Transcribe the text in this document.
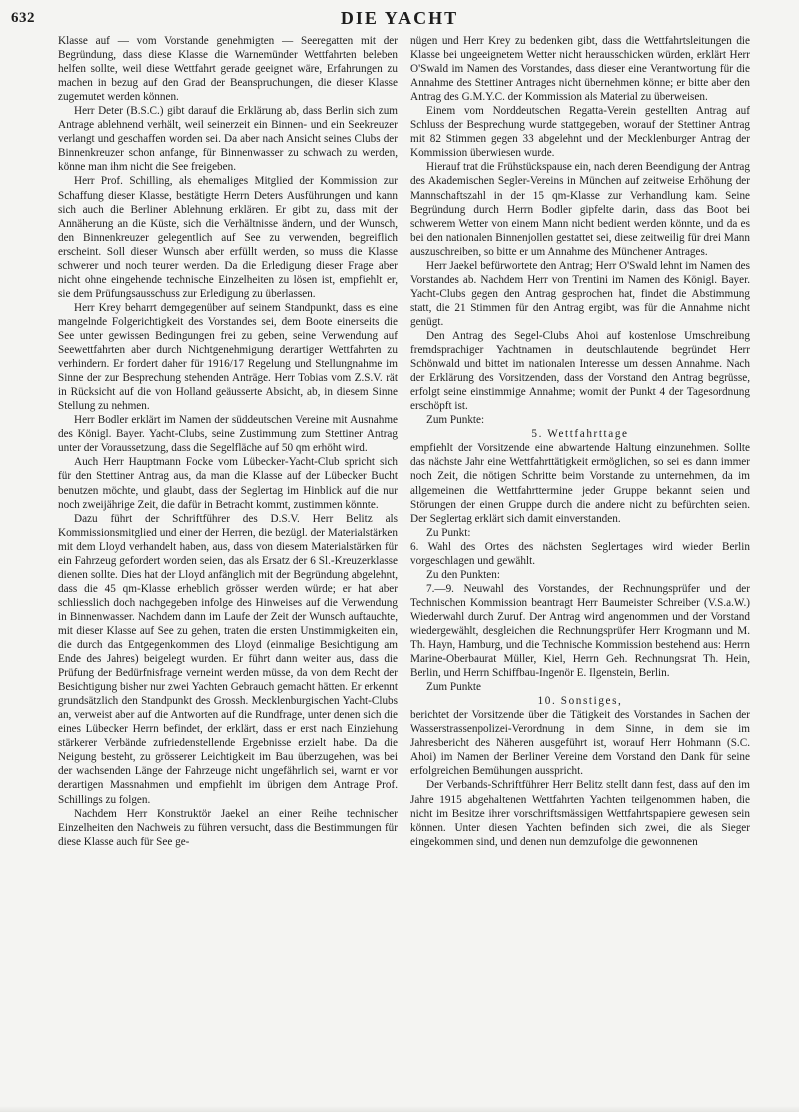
632	DIE YACHT

Klasse auf — vom Vorstande genehmigten — Seeregatten mit der Begründung, dass diese Klasse die Warnemünder Wettfahrten beleben helfen sollte, weil diese Wettfahrt gerade geeignet wäre, Erfahrungen zu machen in bezug auf den Grad der Beanspruchungen, die dieser Klasse zugemutet werden können.

Herr Deter (B.S.C.) gibt darauf die Erklärung ab, dass Berlin sich zum Antrage ablehnend verhält, weil seinerzeit ein Binnen- und ein Seekreuzer verlangt und geschaffen worden sei. Da aber nach Ansicht seines Clubs der Binnenkreuzer schon anfange, für Binnenwasser zu schwach zu werden, könne man ihm nicht die See freigeben.

Herr Prof. Schilling, als ehemaliges Mitglied der Kommission zur Schaffung dieser Klasse, bestätigte Herrn Deters Ausführungen und kann sich auch die Berliner Ablehnung erklären. Er gibt zu, dass mit der Annäherung an die Küste, sich die Verhältnisse ändern, und der Wunsch, den Binnenkreuzer gelegentlich auf See zu verwenden, begreiflich erscheint. Soll dieser Wunsch aber erfüllt werden, so muss die Klasse schwerer und noch teurer werden. Da die Erledigung dieser Frage aber nicht ohne eingehende technische Einzelheiten zu lösen ist, empfiehlt er, sie dem Prüfungsausschuss zur Erledigung zu überlassen.

Herr Krey beharrt demgegenüber auf seinem Standpunkt, dass es eine mangelnde Folgerichtigkeit des Vorstandes sei, dem Boote einerseits die See unter gewissen Bedingungen frei zu geben, seine Verwendung auf Seewettfahrten aber durch Nichtgenehmigung derartiger Wettfahrten zu verhindern. Er fordert daher für 1916/17 Regelung und Stellungnahme im Sinne der zur Besprechung stehenden Anträge. Herr Tobias vom Z.S.V. rät in Rücksicht auf die von Holland geäusserte Absicht, ab, in diesem Sinne Stellung zu nehmen.

Herr Bodler erklärt im Namen der süddeutschen Vereine mit Ausnahme des Königl. Bayer. Yacht-Clubs, seine Zustimmung zum Stettiner Antrag unter der Voraussetzung, dass die Segelfläche auf 50 qm erhöht wird.

Auch Herr Hauptmann Focke vom Lübecker-Yacht-Club spricht sich für den Stettiner Antrag aus, da man die Klasse auf der Lübecker Bucht benutzen möchte, und glaubt, dass der Seglertag im Hinblick auf die nur noch zweijährige Zeit, die dafür in Betracht kommt, zustimmen könnte.

Dazu führt der Schriftführer des D.S.V. Herr Belitz als Kommissionsmitglied und einer der Herren, die bezügl. der Materialstärken mit dem Lloyd verhandelt haben, aus, dass von diesem Materialstärken für ein Fahrzeug gefordert worden seien, das als Ersatz der 6 Sl.-Kreuzerklasse dienen sollte. Dies hat der Lloyd anfänglich mit der Begründung abgelehnt, dass die 45 qm-Klasse erheblich grösser werden würde; er hat aber schliesslich doch nachgegeben infolge des Hinweises auf die Verwendung in Binnenwasser. Nachdem dann im Laufe der Zeit der Wunsch auftauchte, mit dieser Klasse auf See zu gehen, traten die ersten Unstimmigkeiten ein, die durch das Entgegenkommen des Lloyd (einmalige Besichtigung am Ende des Jahres) beigelegt wurden. Er führt dann weiter aus, dass die Prüfung der Bedürfnisfrage verneint werden müsse, da von dem Recht der Besichtigung bisher nur zwei Yachten Gebrauch gemacht hätten. Er erkennt grundsätzlich den Standpunkt des Grossh. Mecklenburgischen Yacht-Clubs an, verweist aber auf die Antworten auf die Rundfrage, unter denen sich die eines Lübecker Herrn befindet, der erklärt, dass er erst nach Einziehung stärkerer Verbände zufriedenstellende Ergebnisse erzielt habe. Da die Neigung besteht, zu grösserer Leichtigkeit im Bau überzugehen, was bei der wachsenden Länge der Fahrzeuge nicht ungefährlich sei, warnt er vor derartigen Massnahmen und empfiehlt im übrigen dem Antrage Prof. Schillings zu folgen.

Nachdem Herr Konstruktör Jaekel an einer Reihe technischer Einzelheiten den Nachweis zu führen versucht, dass die Bestimmungen für diese Klasse auch für See ge-

nügen und Herr Krey zu bedenken gibt, dass die Wettfahrtsleitungen die Klasse bei ungeeignetem Wetter nicht herausschicken würden, erklärt Herr O'Swald im Namen des Vorstandes, dass dieser eine Verantwortung für die Annahme des Stettiner Antrages nicht übernehmen könne; er bitte aber den Antrag des G.M.Y.C. der Kommission als Material zu überweisen.

Einem vom Norddeutschen Regatta-Verein gestellten Antrag auf Schluss der Besprechung wurde stattgegeben, worauf der Stettiner Antrag mit 82 Stimmen gegen 33 abgelehnt und der Mecklenburger Antrag der Kommission überwiesen wurde.

Hierauf trat die Frühstückspause ein, nach deren Beendigung der Antrag des Akademischen Segler-Vereins in München auf zeitweise Erhöhung der Mannschaftszahl in der 15 qm-Klasse zur Verhandlung kam. Seine Begründung durch Herrn Bodler gipfelte darin, dass das Boot bei schwerem Wetter von einem Mann nicht bedient werden könnte, und da es bei den nationalen Binnenjollen gestattet sei, diese zeitweilig für drei Mann auszuschreiben, so bitte er um Annahme des Münchener Antrages.

Herr Jaekel befürwortete den Antrag; Herr O'Swald lehnt im Namen des Vorstandes ab. Nachdem Herr von Trentini im Namen des Königl. Bayer. Yacht-Clubs gegen den Antrag gesprochen hat, findet die Abstimmung statt, die 21 Stimmen für den Antrag ergibt, was für die Annahme nicht genügt.

Den Antrag des Segel-Clubs Ahoi auf kostenlose Umschreibung fremdsprachiger Yachtnamen in deutschlautende begründet Herr Schönwald und bittet im nationalen Interesse um dessen Annahme. Nach der Erklärung des Vorsitzenden, dass der Vorstand den Antrag begrüsse, erfolgt seine einstimmige Annahme; womit der Punkt 4 der Tagesordnung erschöpft ist.

Zum Punkte:

5. Wettfahrttage

empfiehlt der Vorsitzende eine abwartende Haltung einzunehmen. Sollte das nächste Jahr eine Wettfahrttätigkeit ermöglichen, so sei es dann immer noch Zeit, die nötigen Schritte beim Vorstande zu unternehmen, da im allgemeinen die Wettfahrttermine jeder Gruppe bekannt seien und Störungen der einen Gruppe durch die andere nicht zu befürchten seien. Der Seglertag erklärt sich damit einverstanden.

Zu Punkt:

6. Wahl des Ortes des nächsten Seglertages wird wieder Berlin vorgeschlagen und gewählt.

Zu den Punkten:

7.—9. Neuwahl des Vorstandes, der Rechnungsprüfer und der Technischen Kommission beantragt Herr Baumeister Schreiber (V.S.a.W.) Wiederwahl durch Zuruf. Der Antrag wird angenommen und der Vorstand wiedergewählt, desgleichen die Rechnungsprüfer Herr Krogmann und M. Th. Hayn, Hamburg, und die Technische Kommission bestehend aus: Herrn Marine-Oberbaurat Müller, Kiel, Herrn Geh. Rechnungsrat Th. Hein, Berlin, und Herrn Schiffbau-Ingenör E. Ilgenstein, Berlin.

Zum Punkte

10. Sonstiges,

berichtet der Vorsitzende über die Tätigkeit des Vorstandes in Sachen der Wasserstrassenpolizei-Verordnung in dem Sinne, in dem sie im Jahresbericht des Näheren ausgeführt ist, worauf Herr Hohmann (S.C. Ahoi) im Namen der Berliner Vereine dem Vorstand den Dank für seine erfolgreichen Bemühungen ausspricht.

Der Verbands-Schriftführer Herr Belitz stellt dann fest, dass auf den im Jahre 1915 abgehaltenen Wettfahrten Yachten teilgenommen haben, die nicht im Besitze ihrer vorschriftsmässigen Wettfahrtspapiere gewesen sein können. Unter diesen Yachten befinden sich zwei, die als Sieger eingekommen sind, und denen nun demzufolge die gewonnenen
